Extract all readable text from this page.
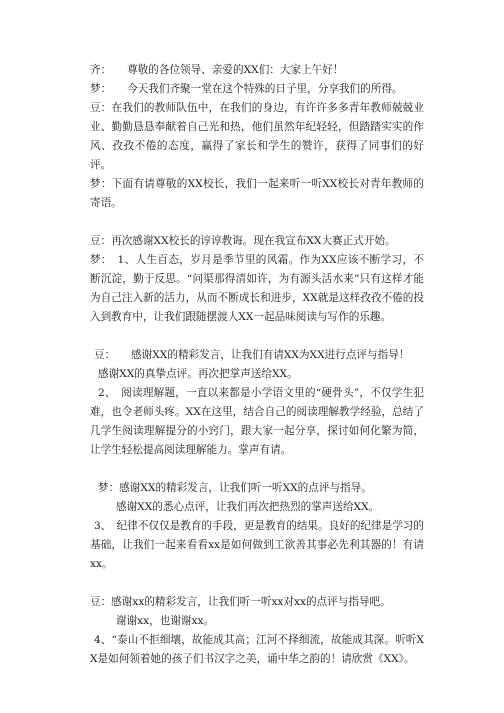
齐：　　尊敬的各位领导、亲爱的XX们：大家上午好！

梦：　　今天我们齐聚一堂在这个特殊的日子里，分享我们的所得。

豆：在我们的教师队伍中，在我们的身边，有许许多多青年教师兢兢业业、勤勤恳恳奉献着自己光和热，他们虽然年纪轻轻，但踏踏实实的作风、孜孜不倦的态度，赢得了家长和学生的赞许，获得了同事们的好评。

梦：下面有请尊敬的XX校长，我们一起来听一听XX校长对青年教师的寄语。

豆：再次感谢XX校长的谆谆教诲。现在我宣布XX大赛正式开始。

梦：　1、人生百态，岁月是季节里的风霜。作为XX应该不断学习，不断沉淀，勤于反思。“问渠那得清如许，为有源头活水来”只有这样才能为自己注入新的活力，从而不断成长和进步，XX就是这样孜孜不倦的投入到教育中，让我们跟随摆渡人XX一起品味阅读与写作的乐趣。

豆：　　感谢XX的精彩发言，让我们有请XX为XX进行点评与指导！

感谢XX的真挚点评。再次把掌声送给XX。

2、　阅读理解题，一直以来都是小学语文里的“硬骨头”，不仅学生犯难，也令老师头疼。XX在这里，结合自己的阅读理解教学经验，总结了几学生阅读理解提分的小窍门，跟大家一起分享，探讨如何化繁为简，让学生轻松提高阅读理解能力。掌声有请。

梦：感谢XX的精彩发言，让我们听一听XX的点评与指导。

感谢XX的悉心点评，让我们再次把热烈的掌声送给XX。

3、　纪律不仅仅是教育的手段，更是教育的结果。良好的纪律是学习的基础，让我们一起来看看xx是如何做到工欲善其事必先利其器的！有请xx。

豆：感谢xx的精彩发言，让我们听一听xx对xx的点评与指导吧。

谢谢xx，也谢谢xx。

4、“泰山不拒细壤，故能成其高；江河不择细流，故能成其深。听听XX是如何领着她的孩子们书汉字之美，诵中华之韵的！请欣赏《XX》。
